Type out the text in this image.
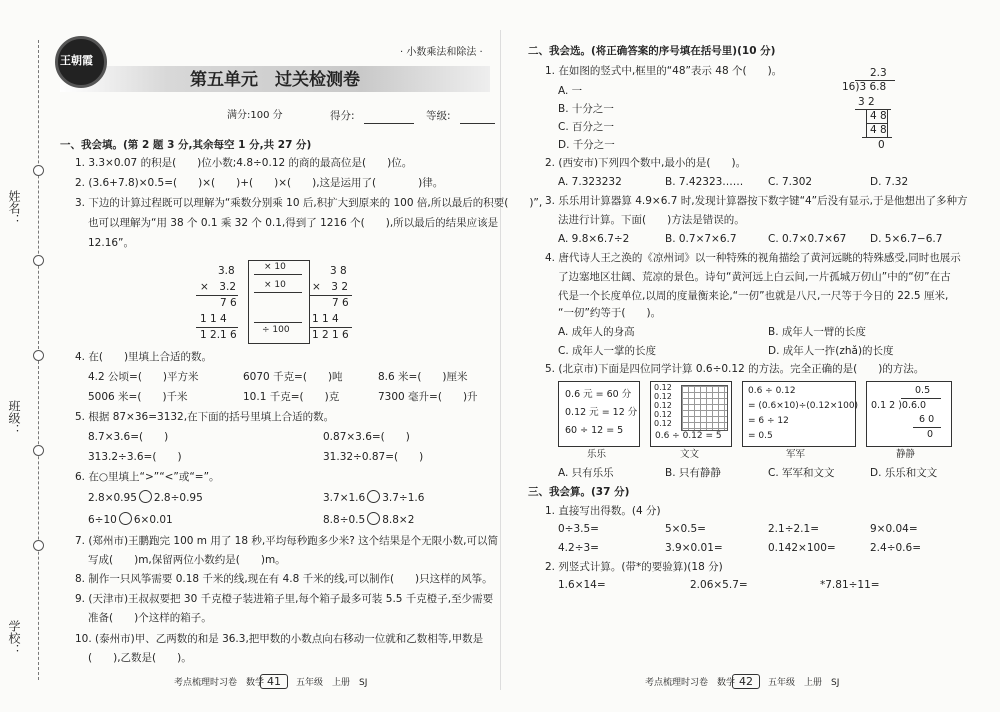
姓名：
班级：
学校：
王朝霞
· 小数乘法和除法 ·
第五单元　过关检测卷
满分:100 分	得分:	等级:
一、我会填。(第 2 题 3 分,其余每空 1 分,共 27 分)
1. 3.3×0.07 的积是(　　)位小数;4.8÷0.12 的商的最高位是(　　)位。
2. (3.6+7.8)×0.5=(　　)×(　　)+(　　)×(　　),这是运用了(　　　　)律。
3. 下边的计算过程既可以理解为“乘数分别乘 10 后,积扩大到原来的 100 倍,所以最后的积要(　　)”,
也可以理解为“用 38 个 0.1 乘 32 个 0.1,得到了 1216 个(　　),所以最后的结果应该是
12.16”。
3.8
×　3.2
7 6
1 1 4
1 2.1 6
× 10
× 10
÷ 100
3 8
×　3 2
7 6
1 1 4
1 2 1 6
4. 在(　　)里填上合适的数。
4.2 公顷=(　　)平方米	6070 千克=(　　)吨	8.6 米=(　　)厘米
5006 米=(　　)千米	10.1 千克=(　　)克	7300 毫升=(　　)升
5. 根据 87×36=3132,在下面的括号里填上合适的数。
8.7×3.6=(　　)	0.87×3.6=(　　)
313.2÷3.6=(　　)	31.32÷0.87=(　　)
6. 在○里填上“>”“<”或“=”。
2.8×0.95 2.8÷0.95	3.7×1.6 3.7÷1.6
6÷10 6×0.01	8.8÷0.5 8.8×2
7. (郑州市)王鹏跑完 100 m 用了 18 秒,平均每秒跑多少米? 这个结果是个无限小数,可以简
写成(　　)m,保留两位小数约是(　　)m。
8. 制作一只风筝需要 0.18 千米的线,现在有 4.8 千米的线,可以制作(　　)只这样的风筝。
9. (天津市)王叔叔要把 30 千克橙子装进箱子里,每个箱子最多可装 5.5 千克橙子,至少需要
准备(　　)个这样的箱子。
10. (泰州市)甲、乙两数的和是 36.3,把甲数的小数点向右移动一位就和乙数相等,甲数是
(　　),乙数是(　　)。
考点梳理时习卷　数学 41	五年级　上册　SJ
二、我会选。(将正确答案的序号填在括号里)(10 分)
1. 在如图的竖式中,框里的“48”表示 48 个(　　)。
A. 一
B. 十分之一
C. 百分之一
D. 千分之一
2.3
16)3 6.8
3 2
4 8
4 8
0
2. (西安市)下列四个数中,最小的是(　　)。
A. 7.323232	B. 7.42323…… C. 7.302	D. 7.32
3. 乐乐用计算器算 4.9×6.7 时,发现计算器按下数字键“4”后没有显示,于是他想出了多种方
法进行计算。下面(　　)方法是错误的。
A. 9.8×6.7÷2	B. 0.7×7×6.7	C. 0.7×0.7×67 D. 5×6.7−6.7
4. 唐代诗人王之涣的《凉州词》以一种特殊的视角描绘了黄河远眺的特殊感受,同时也展示
了边塞地区壮阔、荒凉的景色。诗句“黄河远上白云间,一片孤城万仞山”中的“仞”在古
代是一个长度单位,以周的度量衡来论,“一仞”也就是八尺,一尺等于今日的 22.5 厘米,
“一仞”约等于(　　)。
A. 成年人的身高	B. 成年人一臂的长度
C. 成年人一掌的长度	D. 成年人一拃(zhǎ)的长度
5. (北京市)下面是四位同学计算 0.6÷0.12 的方法。完全正确的是(　　)的方法。
0.6 元 = 60 分
0.12 元 = 12 分
60 ÷ 12 = 5
0.12
0.12
0.12
0.12
0.12
0.6 ÷ 0.12 = 5
0.6 ÷ 0.12
= (0.6×10)÷(0.12×100)
= 6 ÷ 12
= 0.5
0.5
0.1 2 )0.6.0
6 0
0
乐乐	文文	军军	静静
A. 只有乐乐	B. 只有静静	C. 军军和文文	D. 乐乐和文文
三、我会算。(37 分)
1. 直接写出得数。(4 分)
0÷3.5=	5×0.5=	2.1÷2.1=	9×0.04=
4.2÷3=	3.9×0.01=	0.142×100=	2.4÷0.6=
2. 列竖式计算。(带*的要验算)(18 分)
1.6×14=	2.06×5.7=	*7.81÷11=
考点梳理时习卷　数学 42	五年级　上册　SJ
